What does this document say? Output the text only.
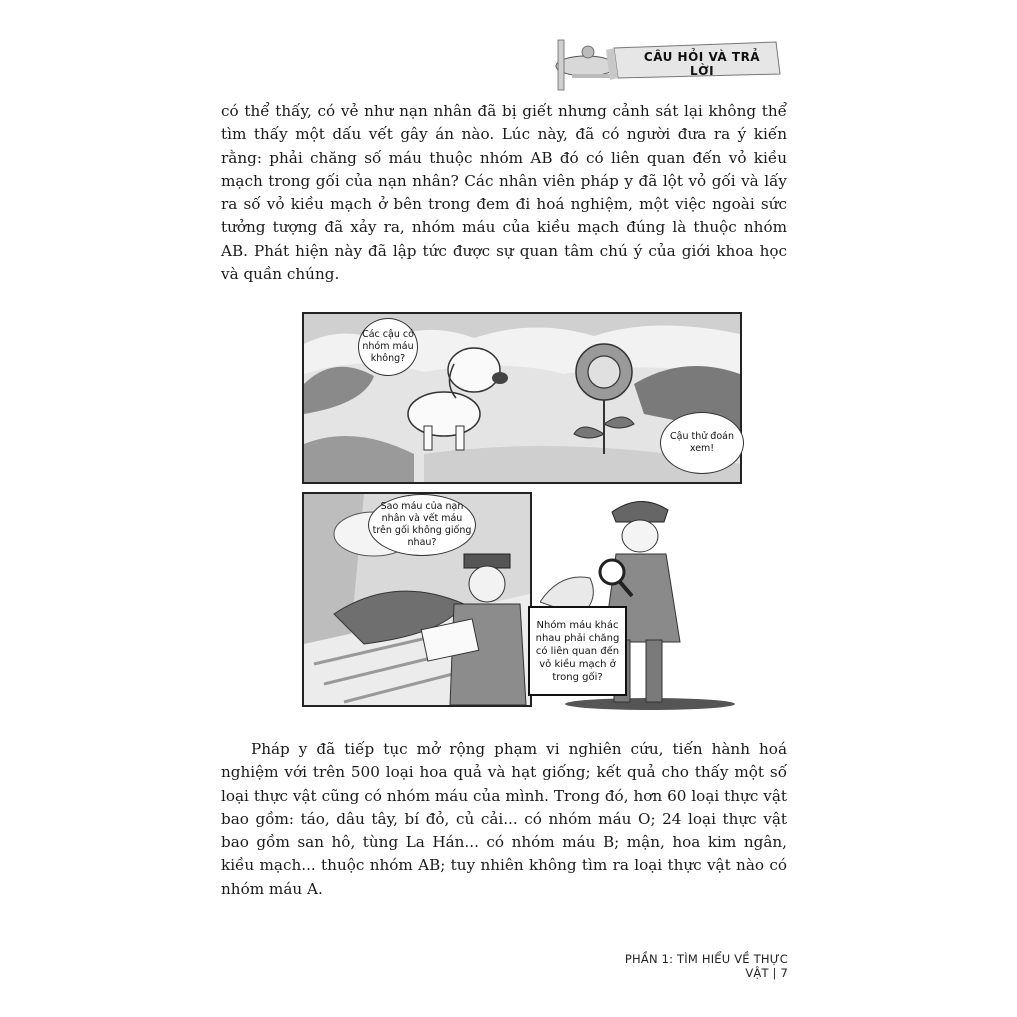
CÂU HỎI VÀ TRẢ LỜI

có thể thấy, có vẻ như nạn nhân đã bị giết nhưng cảnh sát lại không thể tìm thấy một dấu vết gây án nào. Lúc này, đã có người đưa ra ý kiến rằng: phải chăng số máu thuộc nhóm AB đó có liên quan đến vỏ kiều mạch trong gối của nạn nhân? Các nhân viên pháp y đã lột vỏ gối và lấy ra số vỏ kiều mạch ở bên trong đem đi hoá nghiệm, một việc ngoài sức tưởng tượng đã xảy ra, nhóm máu của kiều mạch đúng là thuộc nhóm AB. Phát hiện này đã lập tức được sự quan tâm chú ý của giới khoa học và quần chúng.

Các cậu có nhóm máu không?
Cậu thử đoán xem!
Sao máu của nạn nhân và vết máu trên gối không giống nhau?
Nhóm máu khác nhau phải chăng có liên quan đến vỏ kiều mạch ở trong gối?

Pháp y đã tiếp tục mở rộng phạm vi nghiên cứu, tiến hành hoá nghiệm với trên 500 loại hoa quả và hạt giống; kết quả cho thấy một số loại thực vật cũng có nhóm máu của mình. Trong đó, hơn 60 loại thực vật bao gồm: táo, dâu tây, bí đỏ, củ cải... có nhóm máu O; 24 loại thực vật bao gồm san hô, tùng La Hán... có nhóm máu B; mận, hoa kim ngân, kiều mạch... thuộc nhóm AB; tuy nhiên không tìm ra loại thực vật nào có nhóm máu A.

PHẦN 1: TÌM HIỂU VỀ THỰC VẬT | 7
